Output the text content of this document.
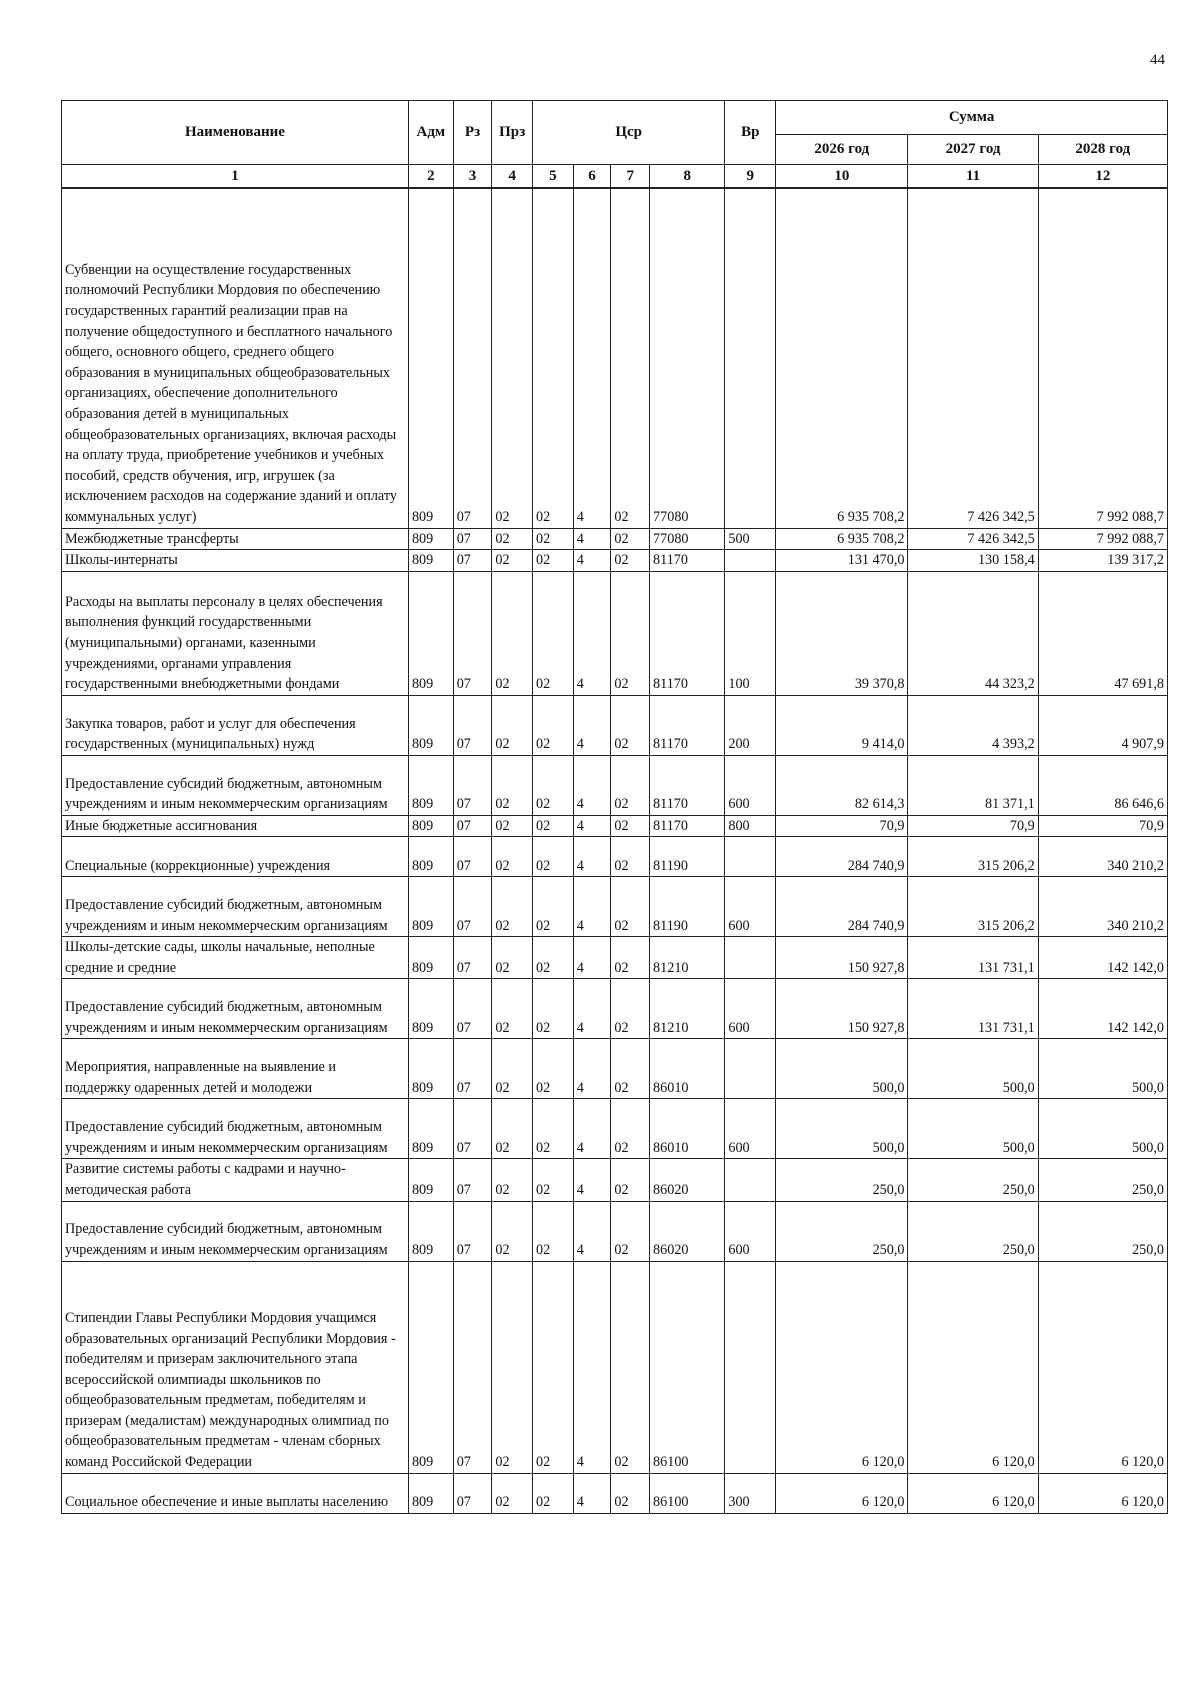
44
Наименование	Адм	Рз	Прз	Цср				Вр	Сумма		
									2026 год	2027 год	2028 год
1	2	3	4	5	6	7	8	9	10	11	12
Субвенции на осуществление государственных полномочий Республики Мордовия по обеспечению государственных гарантий реализации прав на получение общедоступного и бесплатного начального общего, основного общего, среднего общего образования в муниципальных общеобразовательных организациях, обеспечение дополнительного образования детей в муниципальных общеобразовательных организациях, включая расходы на оплату труда, приобретение учебников и учебных пособий, средств обучения, игр, игрушек (за исключением расходов на содержание зданий и оплату коммунальных услуг)	809	07	02	02	4	02	77080		6 935 708,2	7 426 342,5	7 992 088,7
Межбюджетные трансферты	809	07	02	02	4	02	77080	500	6 935 708,2	7 426 342,5	7 992 088,7
Школы-интернаты	809	07	02	02	4	02	81170		131 470,0	130 158,4	139 317,2
Расходы на выплаты персоналу в целях обеспечения выполнения функций государственными (муниципальными) органами, казенными учреждениями, органами управления государственными внебюджетными фондами	809	07	02	02	4	02	81170	100	39 370,8	44 323,2	47 691,8
Закупка товаров, работ и услуг для обеспечения государственных (муниципальных) нужд	809	07	02	02	4	02	81170	200	9 414,0	4 393,2	4 907,9
Предоставление субсидий бюджетным, автономным учреждениям и иным некоммерческим организациям	809	07	02	02	4	02	81170	600	82 614,3	81 371,1	86 646,6
Иные бюджетные ассигнования	809	07	02	02	4	02	81170	800	70,9	70,9	70,9
Специальные (коррекционные) учреждения	809	07	02	02	4	02	81190		284 740,9	315 206,2	340 210,2
Предоставление субсидий бюджетным, автономным учреждениям и иным некоммерческим организациям	809	07	02	02	4	02	81190	600	284 740,9	315 206,2	340 210,2
Школы-детские сады, школы начальные, неполные средние и средние	809	07	02	02	4	02	81210		150 927,8	131 731,1	142 142,0
Предоставление субсидий бюджетным, автономным учреждениям и иным некоммерческим организациям	809	07	02	02	4	02	81210	600	150 927,8	131 731,1	142 142,0
Мероприятия, направленные на выявление и поддержку одаренных детей и молодежи	809	07	02	02	4	02	86010		500,0	500,0	500,0
Предоставление субсидий бюджетным, автономным учреждениям и иным некоммерческим организациям	809	07	02	02	4	02	86010	600	500,0	500,0	500,0
Развитие системы работы с кадрами и научно-методическая работа	809	07	02	02	4	02	86020		250,0	250,0	250,0
Предоставление субсидий бюджетным, автономным учреждениям и иным некоммерческим организациям	809	07	02	02	4	02	86020	600	250,0	250,0	250,0
Стипендии Главы Республики Мордовия учащимся образовательных организаций Республики Мордовия - победителям и призерам заключительного этапа всероссийской олимпиады школьников по общеобразовательным предметам, победителям и призерам (медалистам) международных олимпиад по общеобразовательным предметам - членам сборных команд Российской Федерации	809	07	02	02	4	02	86100		6 120,0	6 120,0	6 120,0
Социальное обеспечение и иные выплаты населению	809	07	02	02	4	02	86100	300	6 120,0	6 120,0	6 120,0
